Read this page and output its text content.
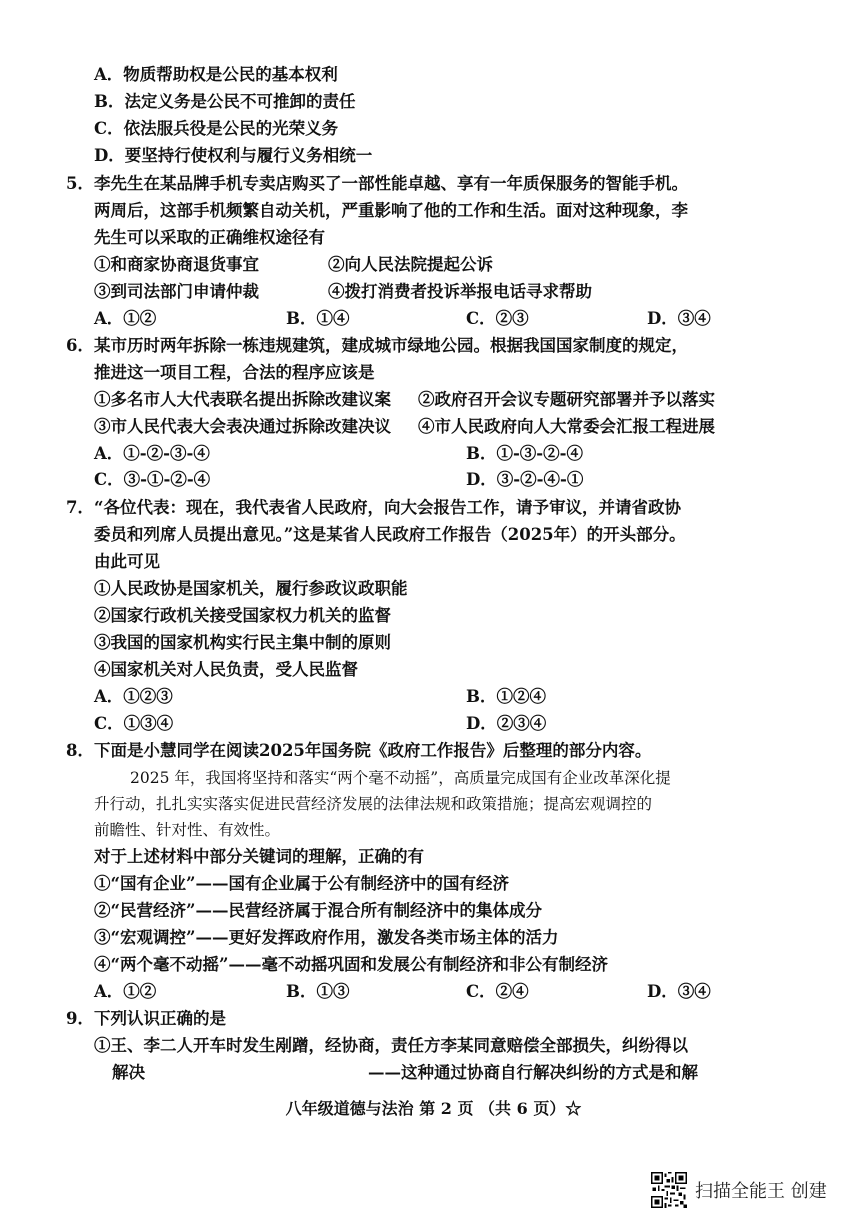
A．物质帮助权是公民的基本权利
B．法定义务是公民不可推卸的责任
C．依法服兵役是公民的光荣义务
D．要坚持行使权利与履行义务相统一
5．李先生在某品牌手机专卖店购买了一部性能卓越、享有一年质保服务的智能手机。
两周后，这部手机频繁自动关机，严重影响了他的工作和生活。面对这种现象，李
先生可以采取的正确维权途径有
①和商家协商退货事宜	②向人民法院提起公诉
③到司法部门申请仲裁	④拨打消费者投诉举报电话寻求帮助
A．①②	B．①④	C．②③	D．③④
6．某市历时两年拆除一栋违规建筑，建成城市绿地公园。根据我国国家制度的规定，
推进这一项目工程，合法的程序应该是
①多名市人大代表联名提出拆除改建议案 ②政府召开会议专题研究部署并予以落实
③市人民代表大会表决通过拆除改建决议 ④市人民政府向人大常委会汇报工程进展
A．①-②-③-④	B．①-③-②-④
C．③-①-②-④	D．③-②-④-①
7．“各位代表：现在，我代表省人民政府，向大会报告工作，请予审议，并请省政协
委员和列席人员提出意见。”这是某省人民政府工作报告（2025年）的开头部分。
由此可见
①人民政协是国家机关，履行参政议政职能
②国家行政机关接受国家权力机关的监督
③我国的国家机构实行民主集中制的原则
④国家机关对人民负责，受人民监督
A．①②③	B．①②④
C．①③④	D．②③④
8．下面是小慧同学在阅读2025年国务院《政府工作报告》后整理的部分内容。
2025 年，我国将坚持和落实“两个毫不动摇”，高质量完成国有企业改革深化提
升行动，扎扎实实落实促进民营经济发展的法律法规和政策措施；提高宏观调控的
前瞻性、针对性、有效性。
对于上述材料中部分关键词的理解，正确的有
①“国有企业”——国有企业属于公有制经济中的国有经济
②“民营经济”——民营经济属于混合所有制经济中的集体成分
③“宏观调控”——更好发挥政府作用，激发各类市场主体的活力
④“两个毫不动摇”——毫不动摇巩固和发展公有制经济和非公有制经济
A．①②	B．①③	C．②④	D．③④
9．下列认识正确的是
①王、李二人开车时发生剐蹭，经协商，责任方李某同意赔偿全部损失，纠纷得以
解决	——这种通过协商自行解决纠纷的方式是和解
八年级道德与法治 第 2 页 （共 6 页）☆
扫描全能王 创建
